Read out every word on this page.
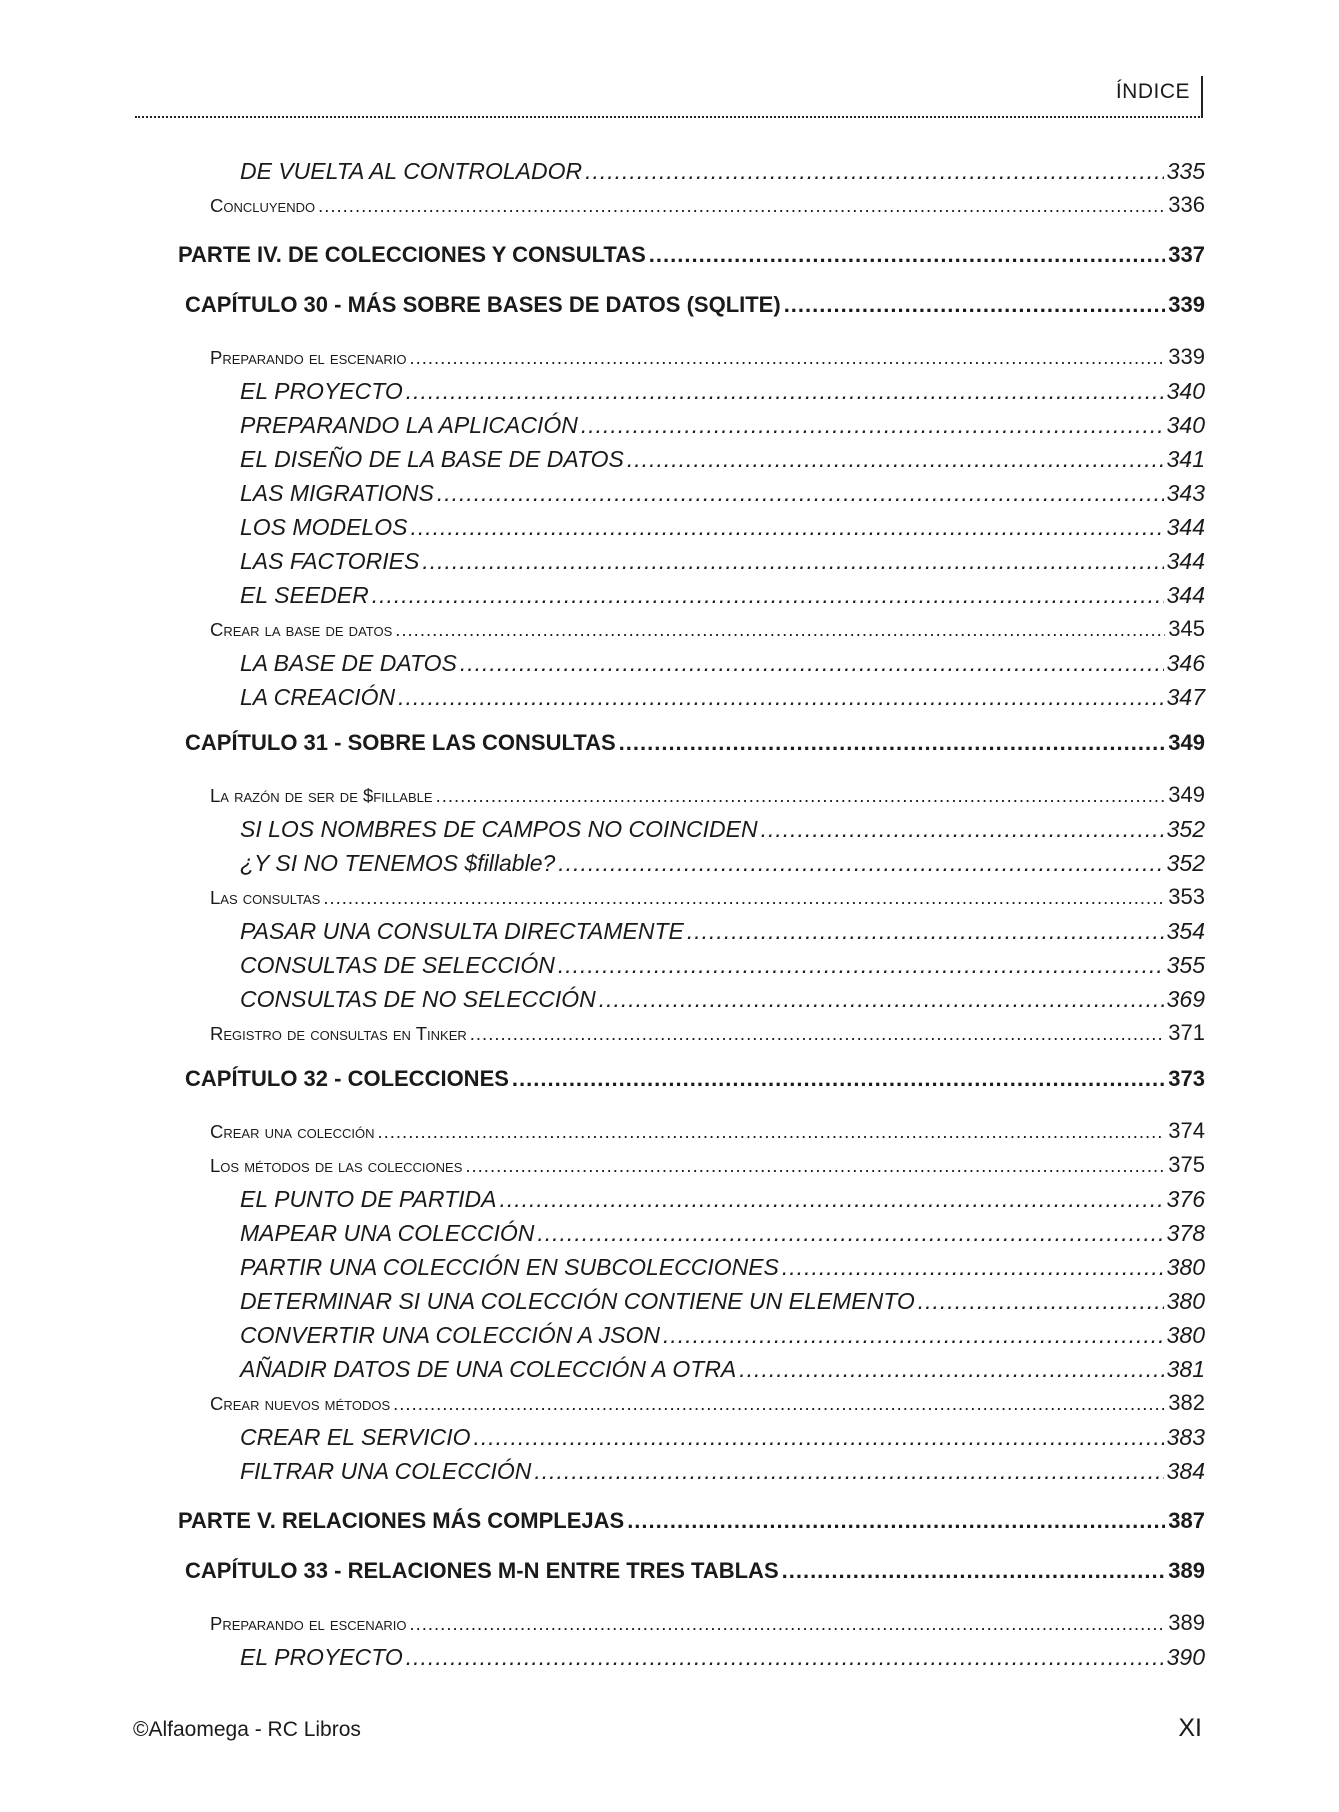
ÍNDICE
DE VUELTA AL CONTROLADOR .....	335
Concluyendo .....	336
PARTE IV. DE COLECCIONES Y CONSULTAS .....	337
CAPÍTULO 30 - MÁS SOBRE BASES DE DATOS (SQLITE) .....	339
Preparando el escenario .....	339
EL PROYECTO .....	340
PREPARANDO LA APLICACIÓN .....	340
EL DISEÑO DE LA BASE DE DATOS .....	341
LAS MIGRATIONS .....	343
LOS MODELOS .....	344
LAS FACTORIES .....	344
EL SEEDER .....	344
Crear la base de datos .....	345
LA BASE DE DATOS .....	346
LA CREACIÓN .....	347
CAPÍTULO 31 - SOBRE LAS CONSULTAS .....	349
La razón de ser de $fillable .....	349
SI LOS NOMBRES DE CAMPOS NO COINCIDEN .....	352
¿Y SI NO TENEMOS $fillable? .....	352
Las consultas .....	353
PASAR UNA CONSULTA DIRECTAMENTE .....	354
CONSULTAS DE SELECCIÓN .....	355
CONSULTAS DE NO SELECCIÓN .....	369
Registro de consultas en Tinker .....	371
CAPÍTULO 32 - COLECCIONES .....	373
Crear una colección .....	374
Los métodos de las colecciones .....	375
EL PUNTO DE PARTIDA .....	376
MAPEAR UNA COLECCIÓN .....	378
PARTIR UNA COLECCIÓN EN SUBCOLECCIONES .....	380
DETERMINAR SI UNA COLECCIÓN CONTIENE UN ELEMENTO .....	380
CONVERTIR UNA COLECCIÓN A JSON .....	380
AÑADIR DATOS DE UNA COLECCIÓN A OTRA .....	381
Crear nuevos métodos .....	382
CREAR EL SERVICIO .....	383
FILTRAR UNA COLECCIÓN .....	384
PARTE V. RELACIONES MÁS COMPLEJAS .....	387
CAPÍTULO 33 - RELACIONES M-N ENTRE TRES TABLAS .....	389
Preparando el escenario .....	389
EL PROYECTO .....	390
©Alfaomega - RC Libros	XI
